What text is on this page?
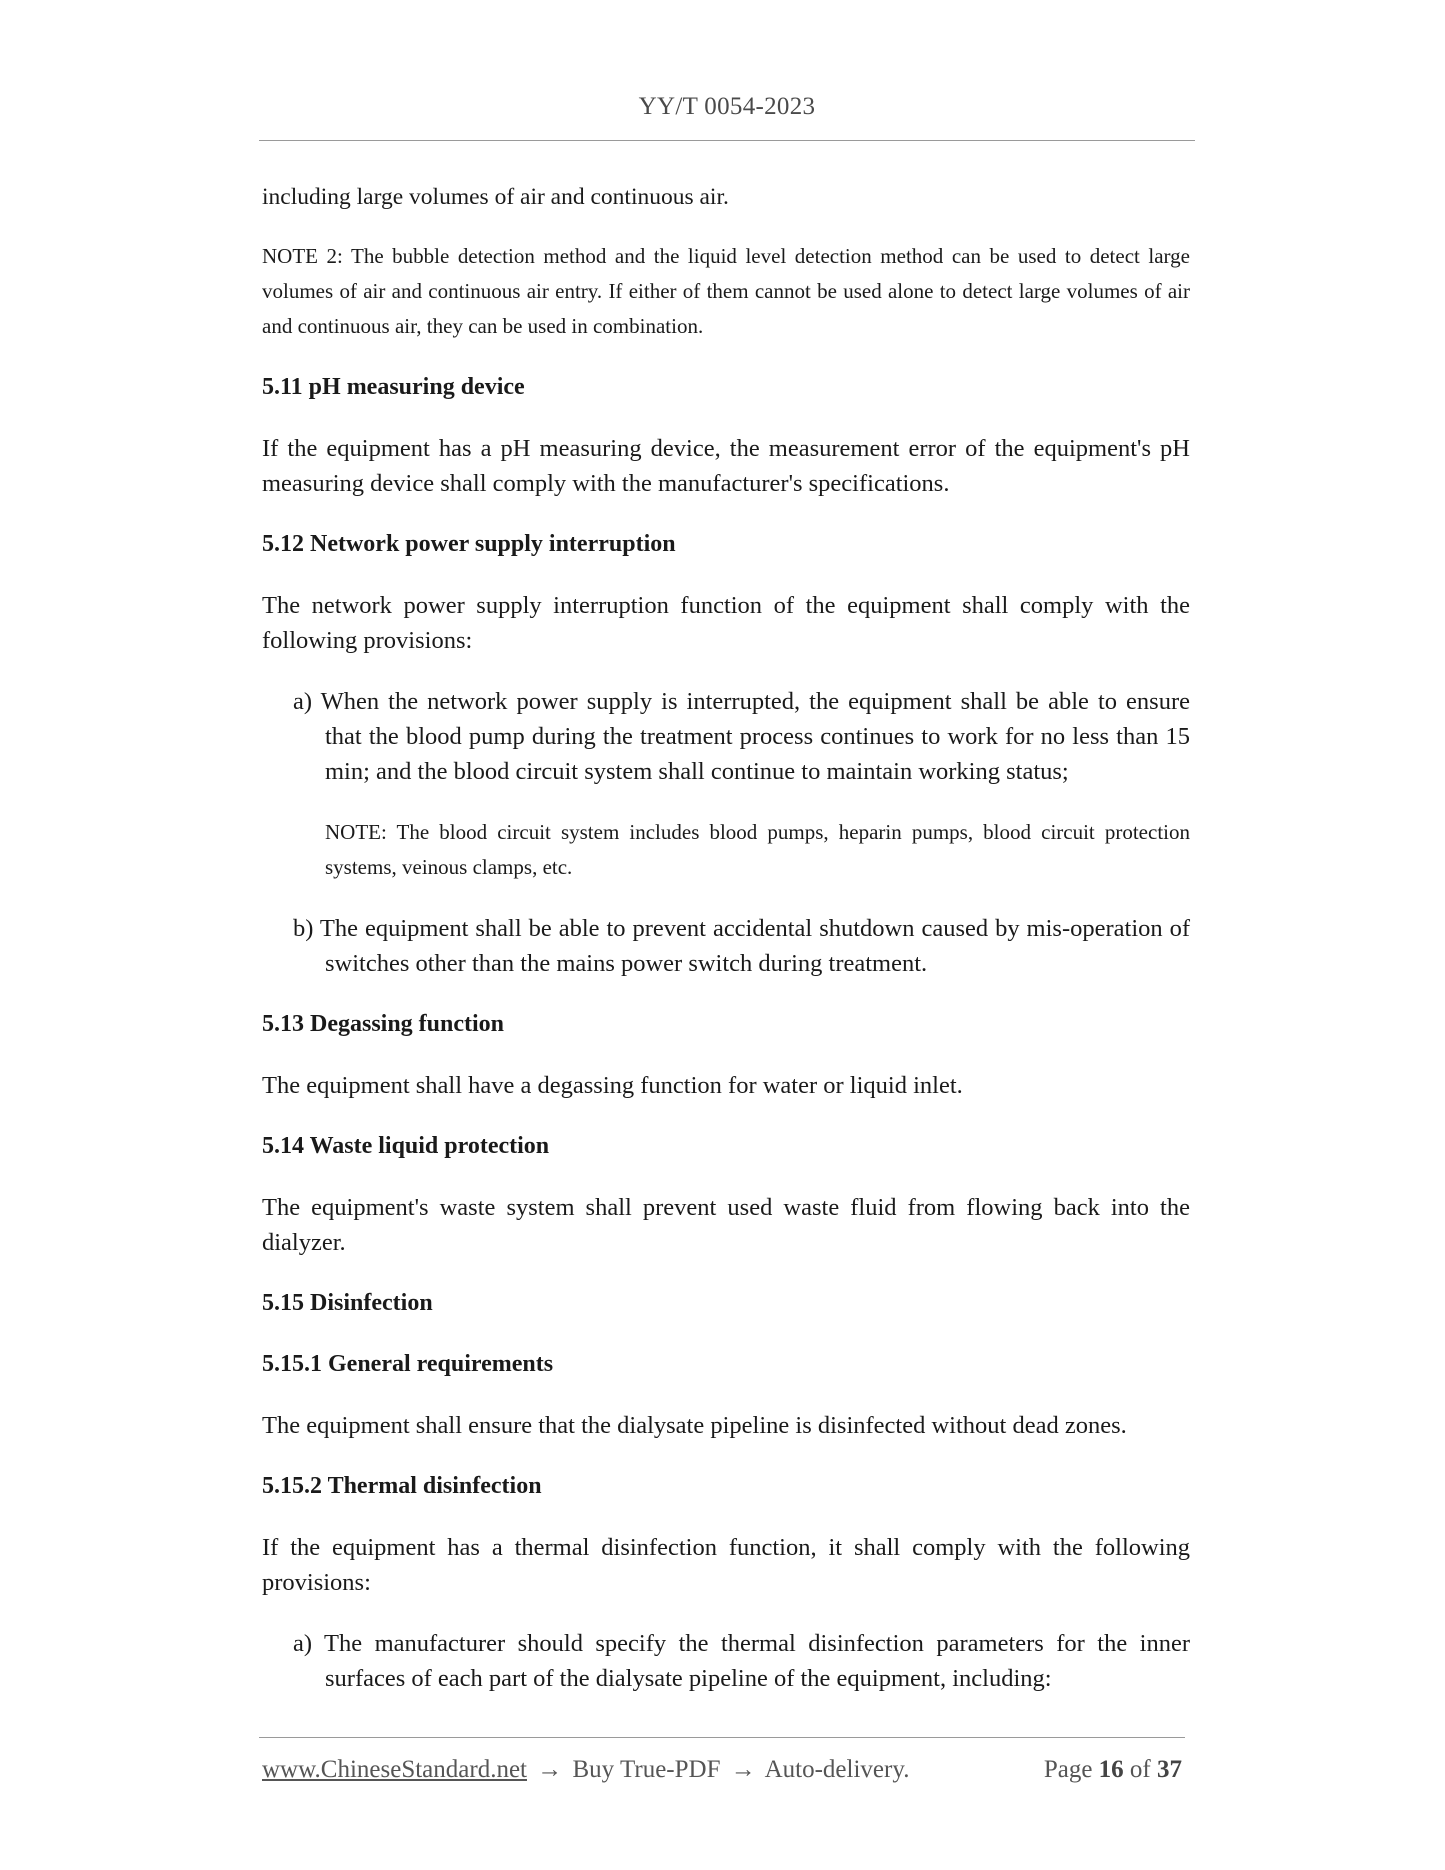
YY/T 0054-2023

including large volumes of air and continuous air.

NOTE 2: The bubble detection method and the liquid level detection method can be used to detect large volumes of air and continuous air entry. If either of them cannot be used alone to detect large volumes of air and continuous air, they can be used in combination.

5.11 pH measuring device

If the equipment has a pH measuring device, the measurement error of the equipment's pH measuring device shall comply with the manufacturer's specifications.

5.12 Network power supply interruption

The network power supply interruption function of the equipment shall comply with the following provisions:

a) When the network power supply is interrupted, the equipment shall be able to ensure that the blood pump during the treatment process continues to work for no less than 15 min; and the blood circuit system shall continue to maintain working status;

NOTE: The blood circuit system includes blood pumps, heparin pumps, blood circuit protection systems, veinous clamps, etc.

b) The equipment shall be able to prevent accidental shutdown caused by mis-operation of switches other than the mains power switch during treatment.

5.13 Degassing function

The equipment shall have a degassing function for water or liquid inlet.

5.14 Waste liquid protection

The equipment's waste system shall prevent used waste fluid from flowing back into the dialyzer.

5.15 Disinfection

5.15.1 General requirements

The equipment shall ensure that the dialysate pipeline is disinfected without dead zones.

5.15.2 Thermal disinfection

If the equipment has a thermal disinfection function, it shall comply with the following provisions:

a) The manufacturer should specify the thermal disinfection parameters for the inner surfaces of each part of the dialysate pipeline of the equipment, including:

www.ChineseStandard.net → Buy True-PDF → Auto-delivery.	Page 16 of 37
